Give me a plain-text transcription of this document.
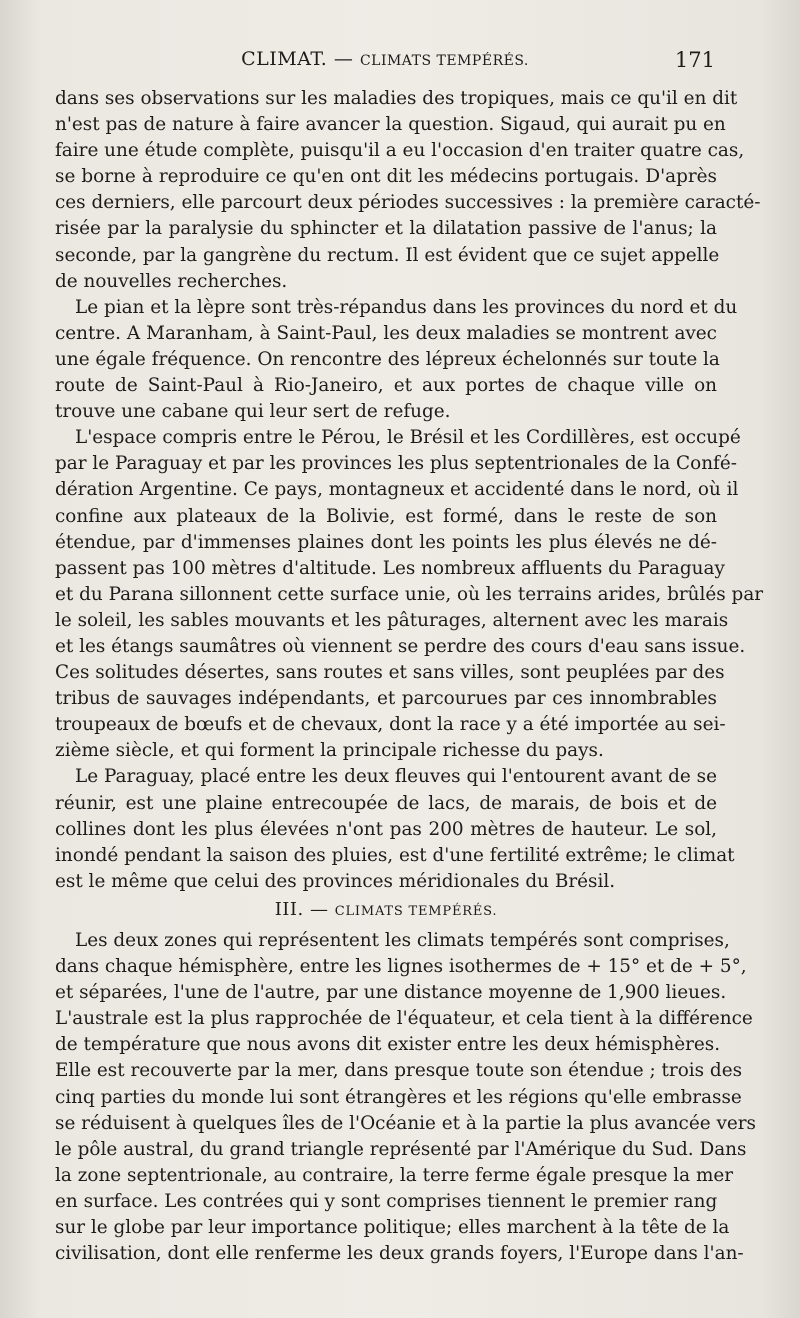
CLIMAT. — CLIMATS TEMPÉRÉS.	171
dans ses observations sur les maladies des tropiques, mais ce qu'il en dit
n'est pas de nature à faire avancer la question. Sigaud, qui aurait pu en
faire une étude complète, puisqu'il a eu l'occasion d'en traiter quatre cas,
se borne à reproduire ce qu'en ont dit les médecins portugais. D'après
ces derniers, elle parcourt deux périodes successives : la première caracté-
risée par la paralysie du sphincter et la dilatation passive de l'anus; la
seconde, par la gangrène du rectum. Il est évident que ce sujet appelle
de nouvelles recherches.
Le pian et la lèpre sont très-répandus dans les provinces du nord et du
centre. A Maranham, à Saint-Paul, les deux maladies se montrent avec
une égale fréquence. On rencontre des lépreux échelonnés sur toute la
route de Saint-Paul à Rio-Janeiro, et aux portes de chaque ville on
trouve une cabane qui leur sert de refuge.
L'espace compris entre le Pérou, le Brésil et les Cordillères, est occupé
par le Paraguay et par les provinces les plus septentrionales de la Confé-
dération Argentine. Ce pays, montagneux et accidenté dans le nord, où il
confine aux plateaux de la Bolivie, est formé, dans le reste de son
étendue, par d'immenses plaines dont les points les plus élevés ne dé-
passent pas 100 mètres d'altitude. Les nombreux affluents du Paraguay
et du Parana sillonnent cette surface unie, où les terrains arides, brûlés par
le soleil, les sables mouvants et les pâturages, alternent avec les marais
et les étangs saumâtres où viennent se perdre des cours d'eau sans issue.
Ces solitudes désertes, sans routes et sans villes, sont peuplées par des
tribus de sauvages indépendants, et parcourues par ces innombrables
troupeaux de bœufs et de chevaux, dont la race y a été importée au sei-
zième siècle, et qui forment la principale richesse du pays.
Le Paraguay, placé entre les deux fleuves qui l'entourent avant de se
réunir, est une plaine entrecoupée de lacs, de marais, de bois et de
collines dont les plus élevées n'ont pas 200 mètres de hauteur. Le sol,
inondé pendant la saison des pluies, est d'une fertilité extrême; le climat
est le même que celui des provinces méridionales du Brésil.
III. — CLIMATS TEMPÉRÉS.
Les deux zones qui représentent les climats tempérés sont comprises,
dans chaque hémisphère, entre les lignes isothermes de + 15° et de + 5°,
et séparées, l'une de l'autre, par une distance moyenne de 1,900 lieues.
L'australe est la plus rapprochée de l'équateur, et cela tient à la différence
de température que nous avons dit exister entre les deux hémisphères.
Elle est recouverte par la mer, dans presque toute son étendue ; trois des
cinq parties du monde lui sont étrangères et les régions qu'elle embrasse
se réduisent à quelques îles de l'Océanie et à la partie la plus avancée vers
le pôle austral, du grand triangle représenté par l'Amérique du Sud. Dans
la zone septentrionale, au contraire, la terre ferme égale presque la mer
en surface. Les contrées qui y sont comprises tiennent le premier rang
sur le globe par leur importance politique; elles marchent à la tête de la
civilisation, dont elle renferme les deux grands foyers, l'Europe dans l'an-
